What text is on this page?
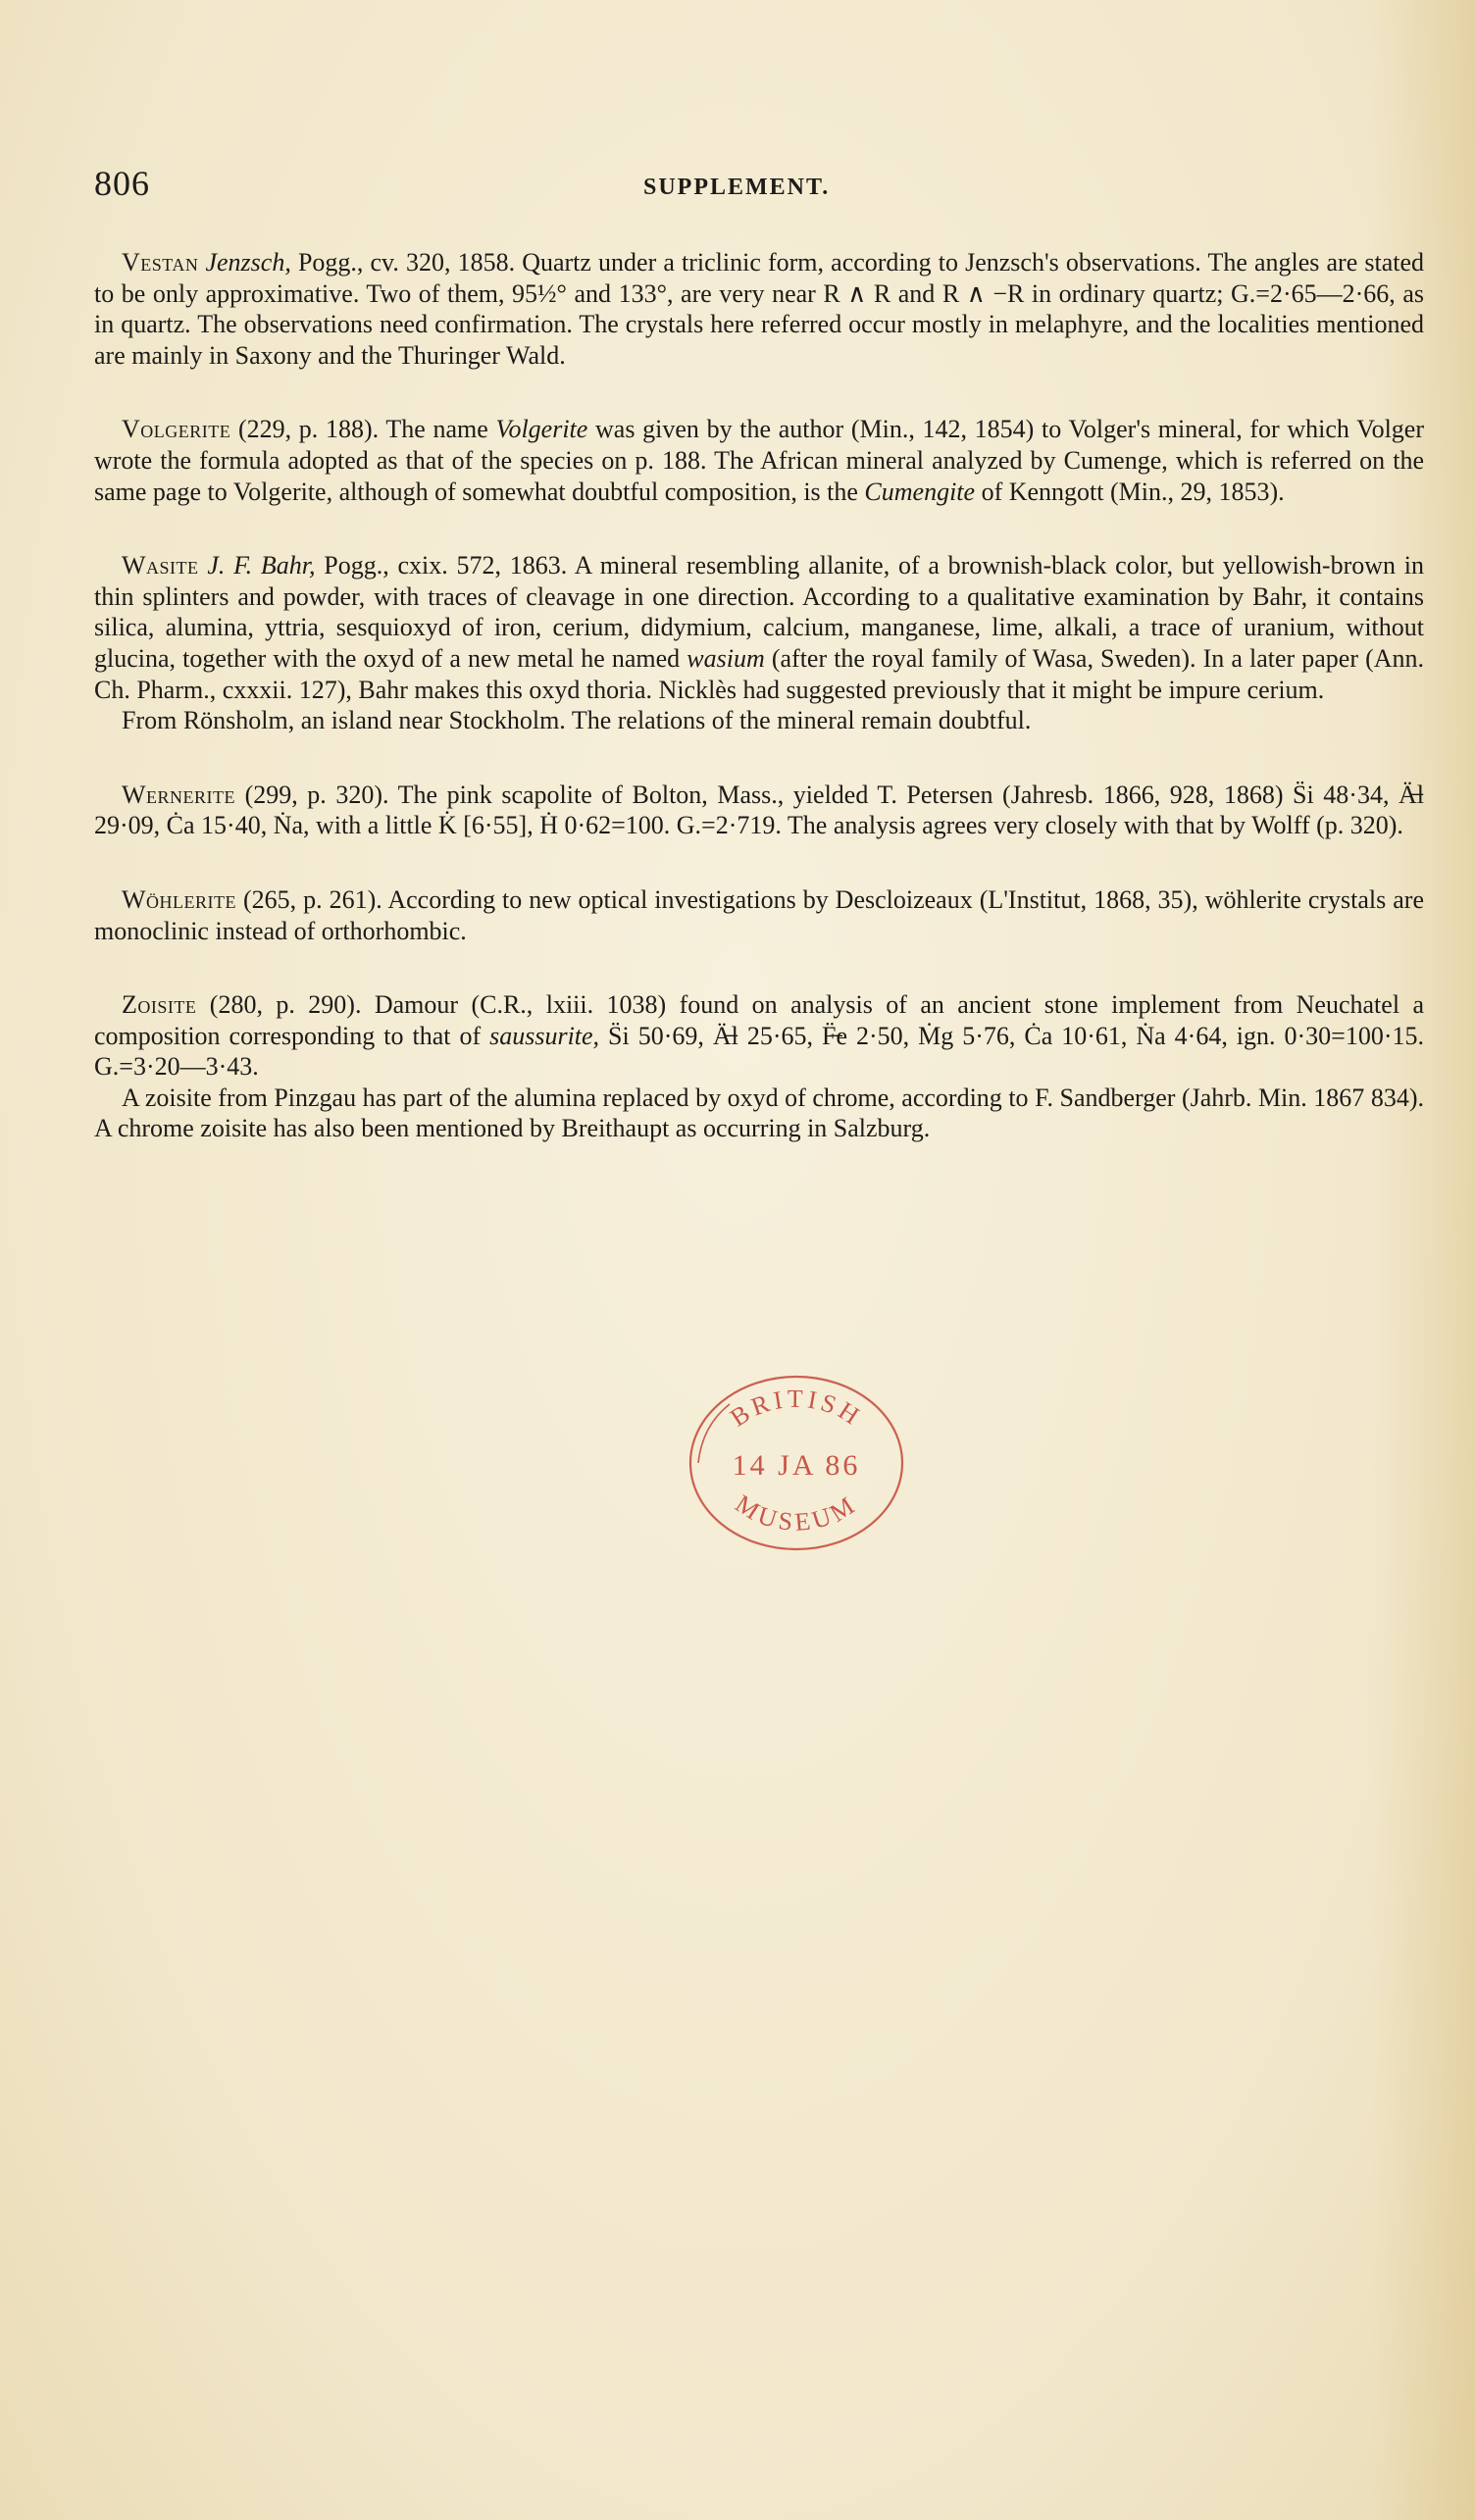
806	SUPPLEMENT.

Vestan Jenzsch, Pogg., cv. 320, 1858. Quartz under a triclinic form, according to Jenzsch's observations. The angles are stated to be only approximative. Two of them, 95½° and 133°, are very near R ∧ R and R ∧ −R in ordinary quartz; G.=2·65—2·66, as in quartz. The observations need confirmation. The crystals here referred occur mostly in melaphyre, and the localities mentioned are mainly in Saxony and the Thuringer Wald.

Volgerite (229, p. 188). The name Volgerite was given by the author (Min., 142, 1854) to Volger's mineral, for which Volger wrote the formula adopted as that of the species on p. 188. The African mineral analyzed by Cumenge, which is referred on the same page to Volgerite, although of somewhat doubtful composition, is the Cumengite of Kenngott (Min., 29, 1853).

Wasite J. F. Bahr, Pogg., cxix. 572, 1863. A mineral resembling allanite, of a brownish-black color, but yellowish-brown in thin splinters and powder, with traces of cleavage in one direction. According to a qualitative examination by Bahr, it contains silica, alumina, yttria, sesquioxyd of iron, cerium, didymium, calcium, manganese, lime, alkali, a trace of uranium, without glucina, together with the oxyd of a new metal he named wasium (after the royal family of Wasa, Sweden). In a later paper (Ann. Ch. Pharm., cxxxii. 127), Bahr makes this oxyd thoria. Nicklès had suggested previously that it might be impure cerium.

From Rönsholm, an island near Stockholm. The relations of the mineral remain doubtful.

Wernerite (299, p. 320). The pink scapolite of Bolton, Mass., yielded T. Petersen (Jahresb. 1866, 928, 1868) S̈i 48·34, Ä̶l 29·09, Ċa 15·40, Ṅa, with a little K̇ [6·55], Ḣ 0·62=100. G.=2·719. The analysis agrees very closely with that by Wolff (p. 320).

Wöhlerite (265, p. 261). According to new optical investigations by Descloizeaux (L'Institut, 1868, 35), wöhlerite crystals are monoclinic instead of orthorhombic.

Zoisite (280, p. 290). Damour (C.R., lxiii. 1038) found on analysis of an ancient stone implement from Neuchatel a composition corresponding to that of saussurite, S̈i 50·69, Ä̶l 25·65, F̶̈e 2·50, Ṁg 5·76, Ċa 10·61, Ṅa 4·64, ign. 0·30=100·15. G.=3·20—3·43.

A zoisite from Pinzgau has part of the alumina replaced by oxyd of chrome, according to F. Sandberger (Jahrb. Min. 1867 834). A chrome zoisite has also been mentioned by Breithaupt as occurring in Salzburg.

BRITISH
14 JA 86
MUSEUM
